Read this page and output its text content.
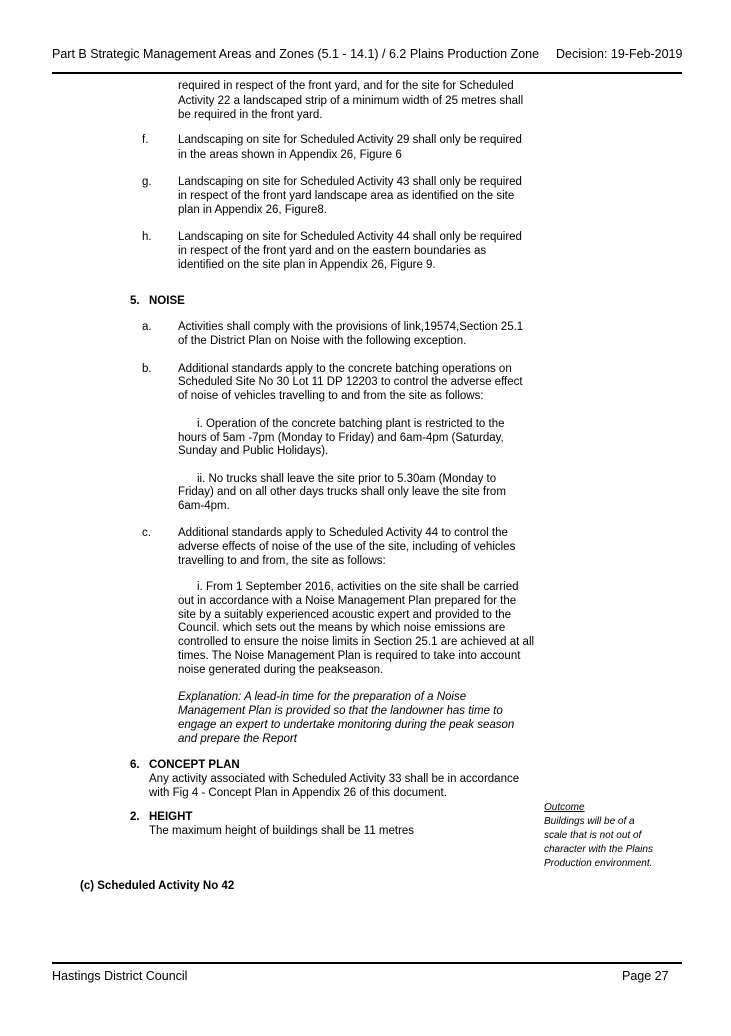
Part B Strategic Management Areas and Zones (5.1 - 14.1) / 6.2 Plains Production Zone Decision: 19-Feb-2019
required in respect of the front yard, and for the site for Scheduled
Activity 22 a landscaped strip of a minimum width of 25 metres shall
be required in the front yard.
f.	Landscaping on site for Scheduled Activity 29 shall only be required
in the areas shown in Appendix 26, Figure 6
g. Landscaping on site for Scheduled Activity 43 shall only be required
in respect of the front yard landscape area as identified on the site
plan in Appendix 26, Figure8.
h. Landscaping on site for Scheduled Activity 44 shall only be required
in respect of the front yard and on the eastern boundaries as
identified on the site plan in Appendix 26, Figure 9.
5. NOISE
a. Activities shall comply with the provisions of link,19574,Section 25.1
of the District Plan on Noise with the following exception.
b. Additional standards apply to the concrete batching operations on
Scheduled Site No 30 Lot 11 DP 12203 to control the adverse effect
of noise of vehicles travelling to and from the site as follows:
i. Operation of the concrete batching plant is restricted to the
hours of 5am -7pm (Monday to Friday) and 6am-4pm (Saturday,
Sunday and Public Holidays).
ii. No trucks shall leave the site prior to 5.30am (Monday to
Friday) and on all other days trucks shall only leave the site from
6am-4pm.
c. Additional standards apply to Scheduled Activity 44 to control the
adverse effects of noise of the use of the site, including of vehicles
travelling to and from, the site as follows:
i. From 1 September 2016, activities on the site shall be carried
out in accordance with a Noise Management Plan prepared for the
site by a suitably experienced acoustic expert and provided to the
Council. which sets out the means by which noise emissions are
controlled to ensure the noise limits in Section 25.1 are achieved at all
times. The Noise Management Plan is required to take into account
noise generated during the peakseason.
Explanation: A lead-in time for the preparation of a Noise
Management Plan is provided so that the landowner has time to
engage an expert to undertake monitoring during the peak season
and prepare the Report
6. CONCEPT PLAN
Any activity associated with Scheduled Activity 33 shall be in accordance
with Fig 4 - Concept Plan in Appendix 26 of this document.
2. HEIGHT
The maximum height of buildings shall be 11 metres
Outcome
Buildings will be of a
scale that is not out of
character with the Plains
Production environment.
(c) Scheduled Activity No 42
Hastings District Council	Page 27
